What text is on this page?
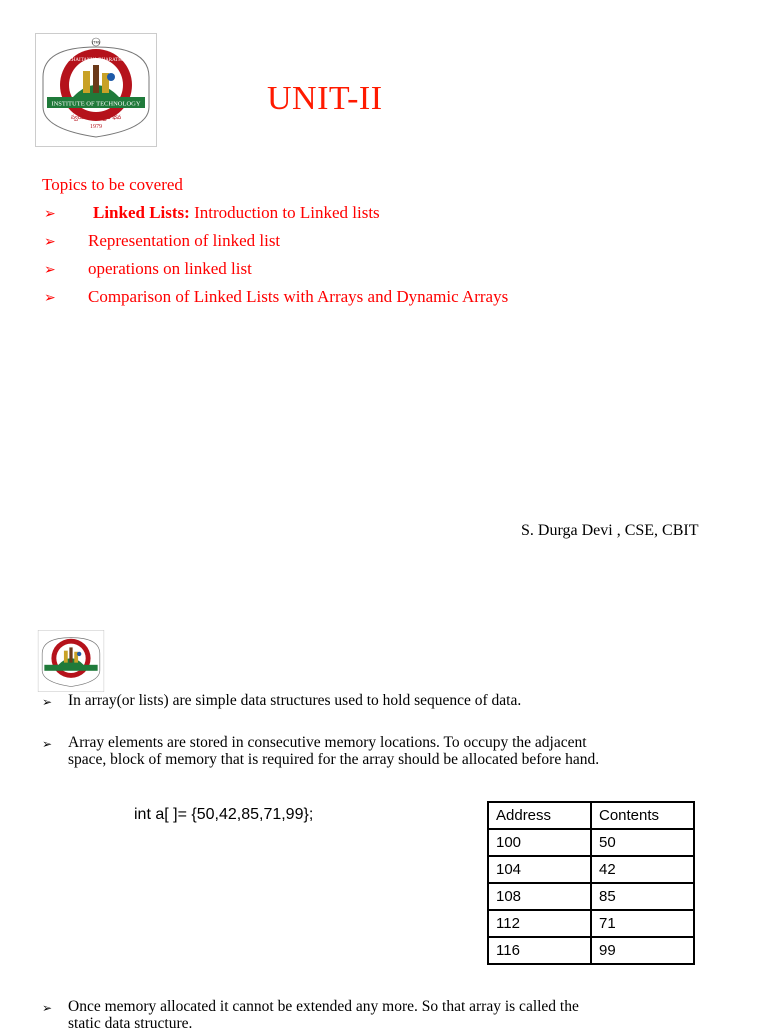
(TM)
INSTITUTE OF TECHNOLOGY
స్వయం తేజస్విన్ భవ
1979
CHAITANYA BHARATHI
UNIT-II
Topics to be covered
➢ Linked Lists: Introduction to Linked lists
➢ Representation of linked list
➢ operations on linked list
➢ Comparison of Linked Lists with Arrays and Dynamic Arrays
S. Durga Devi , CSE, CBIT
➢ In array(or lists) are simple data structures used to hold sequence of data.
➢ Array elements are stored in consecutive memory locations. To occupy the adjacent space, block of memory that is required for the array should be allocated before hand.
int a[ ]= {50,42,85,71,99};	Address	Contents
100	50
104	42
108	85
112	71
116	99
➢ Once memory allocated it cannot be extended any more. So that array is called the static data structure.
